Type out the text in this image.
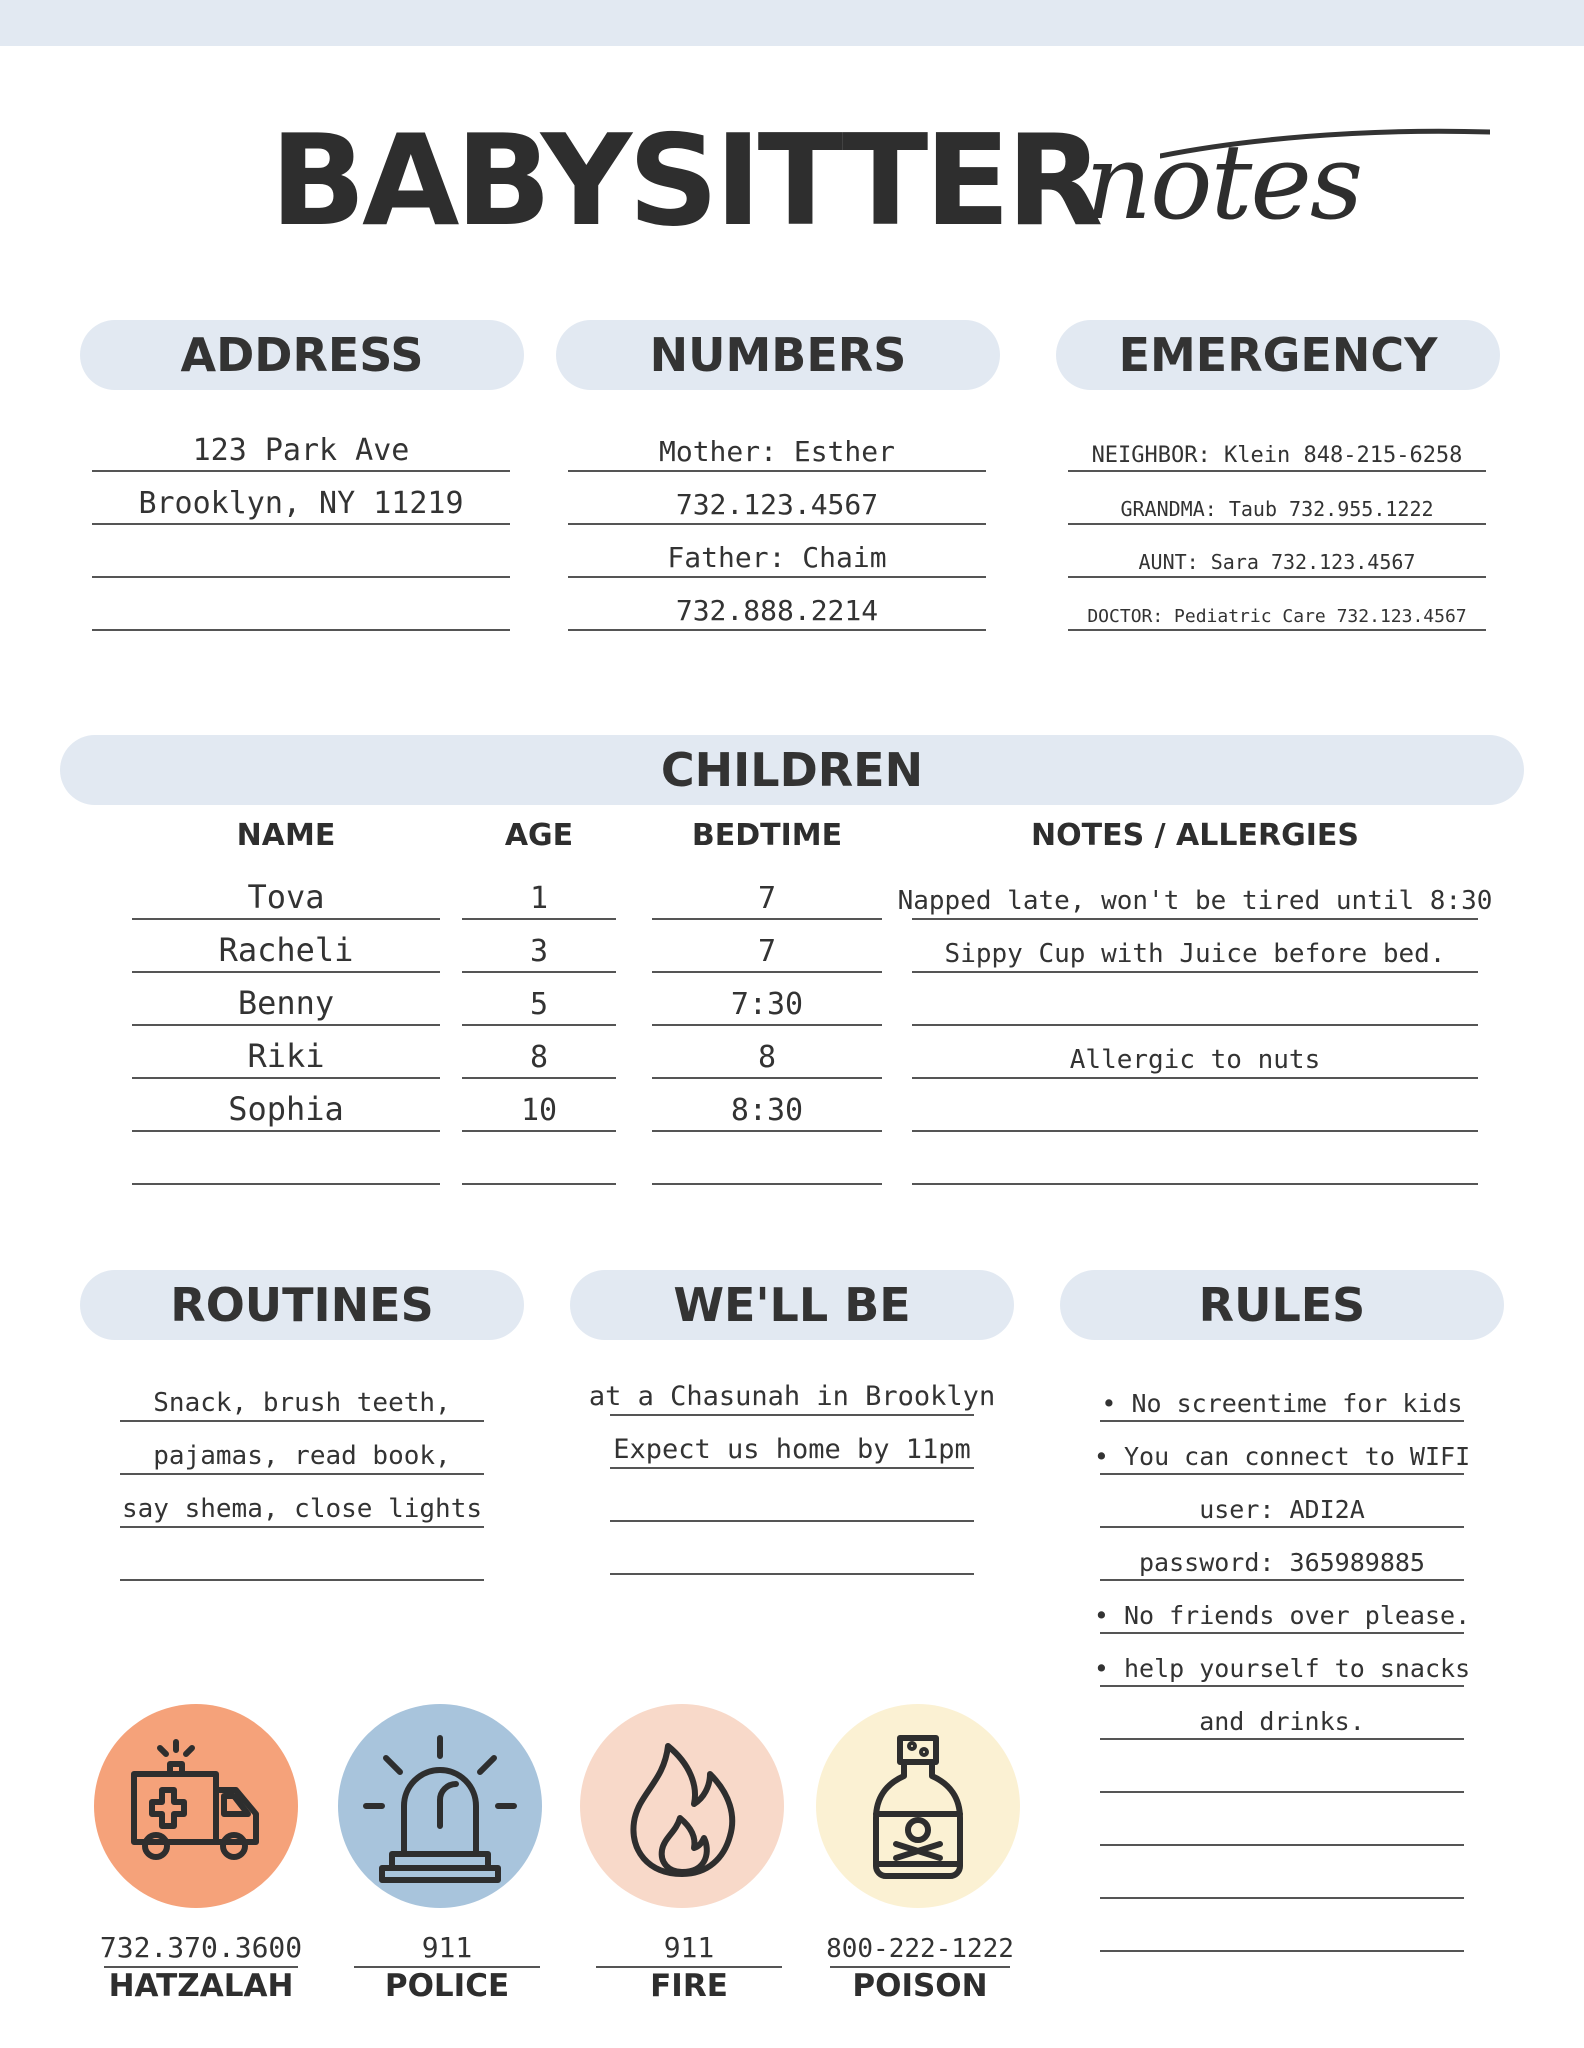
BABYSITTER
notes
ADDRESS
123 Park Ave
Brooklyn, NY 11219
NUMBERS
Mother: Esther
732.123.4567
Father: Chaim
732.888.2214
EMERGENCY
NEIGHBOR: Klein 848-215-6258
GRANDMA: Taub 732.955.1222
AUNT: Sara 732.123.4567
DOCTOR: Pediatric Care 732.123.4567
CHILDREN
NAME	AGE	BEDTIME	NOTES / ALLERGIES
Tova	1	7	Napped late, won't be tired until 8:30
Racheli	3	7	Sippy Cup with Juice before bed.
Benny	5	7:30
Riki	8	8	Allergic to nuts
Sophia	10	8:30
ROUTINES
Snack, brush teeth,
pajamas, read book,
say shema, close lights
WE'LL BE
at a Chasunah in Brooklyn
Expect us home by 11pm
RULES
• No screentime for kids
• You can connect to WIFI
user: ADI2A
password: 365989885
• No friends over please.
• help yourself to snacks
and drinks.
732.370.3600
HATZALAH
911
POLICE
911
FIRE
800-222-1222
POISON
